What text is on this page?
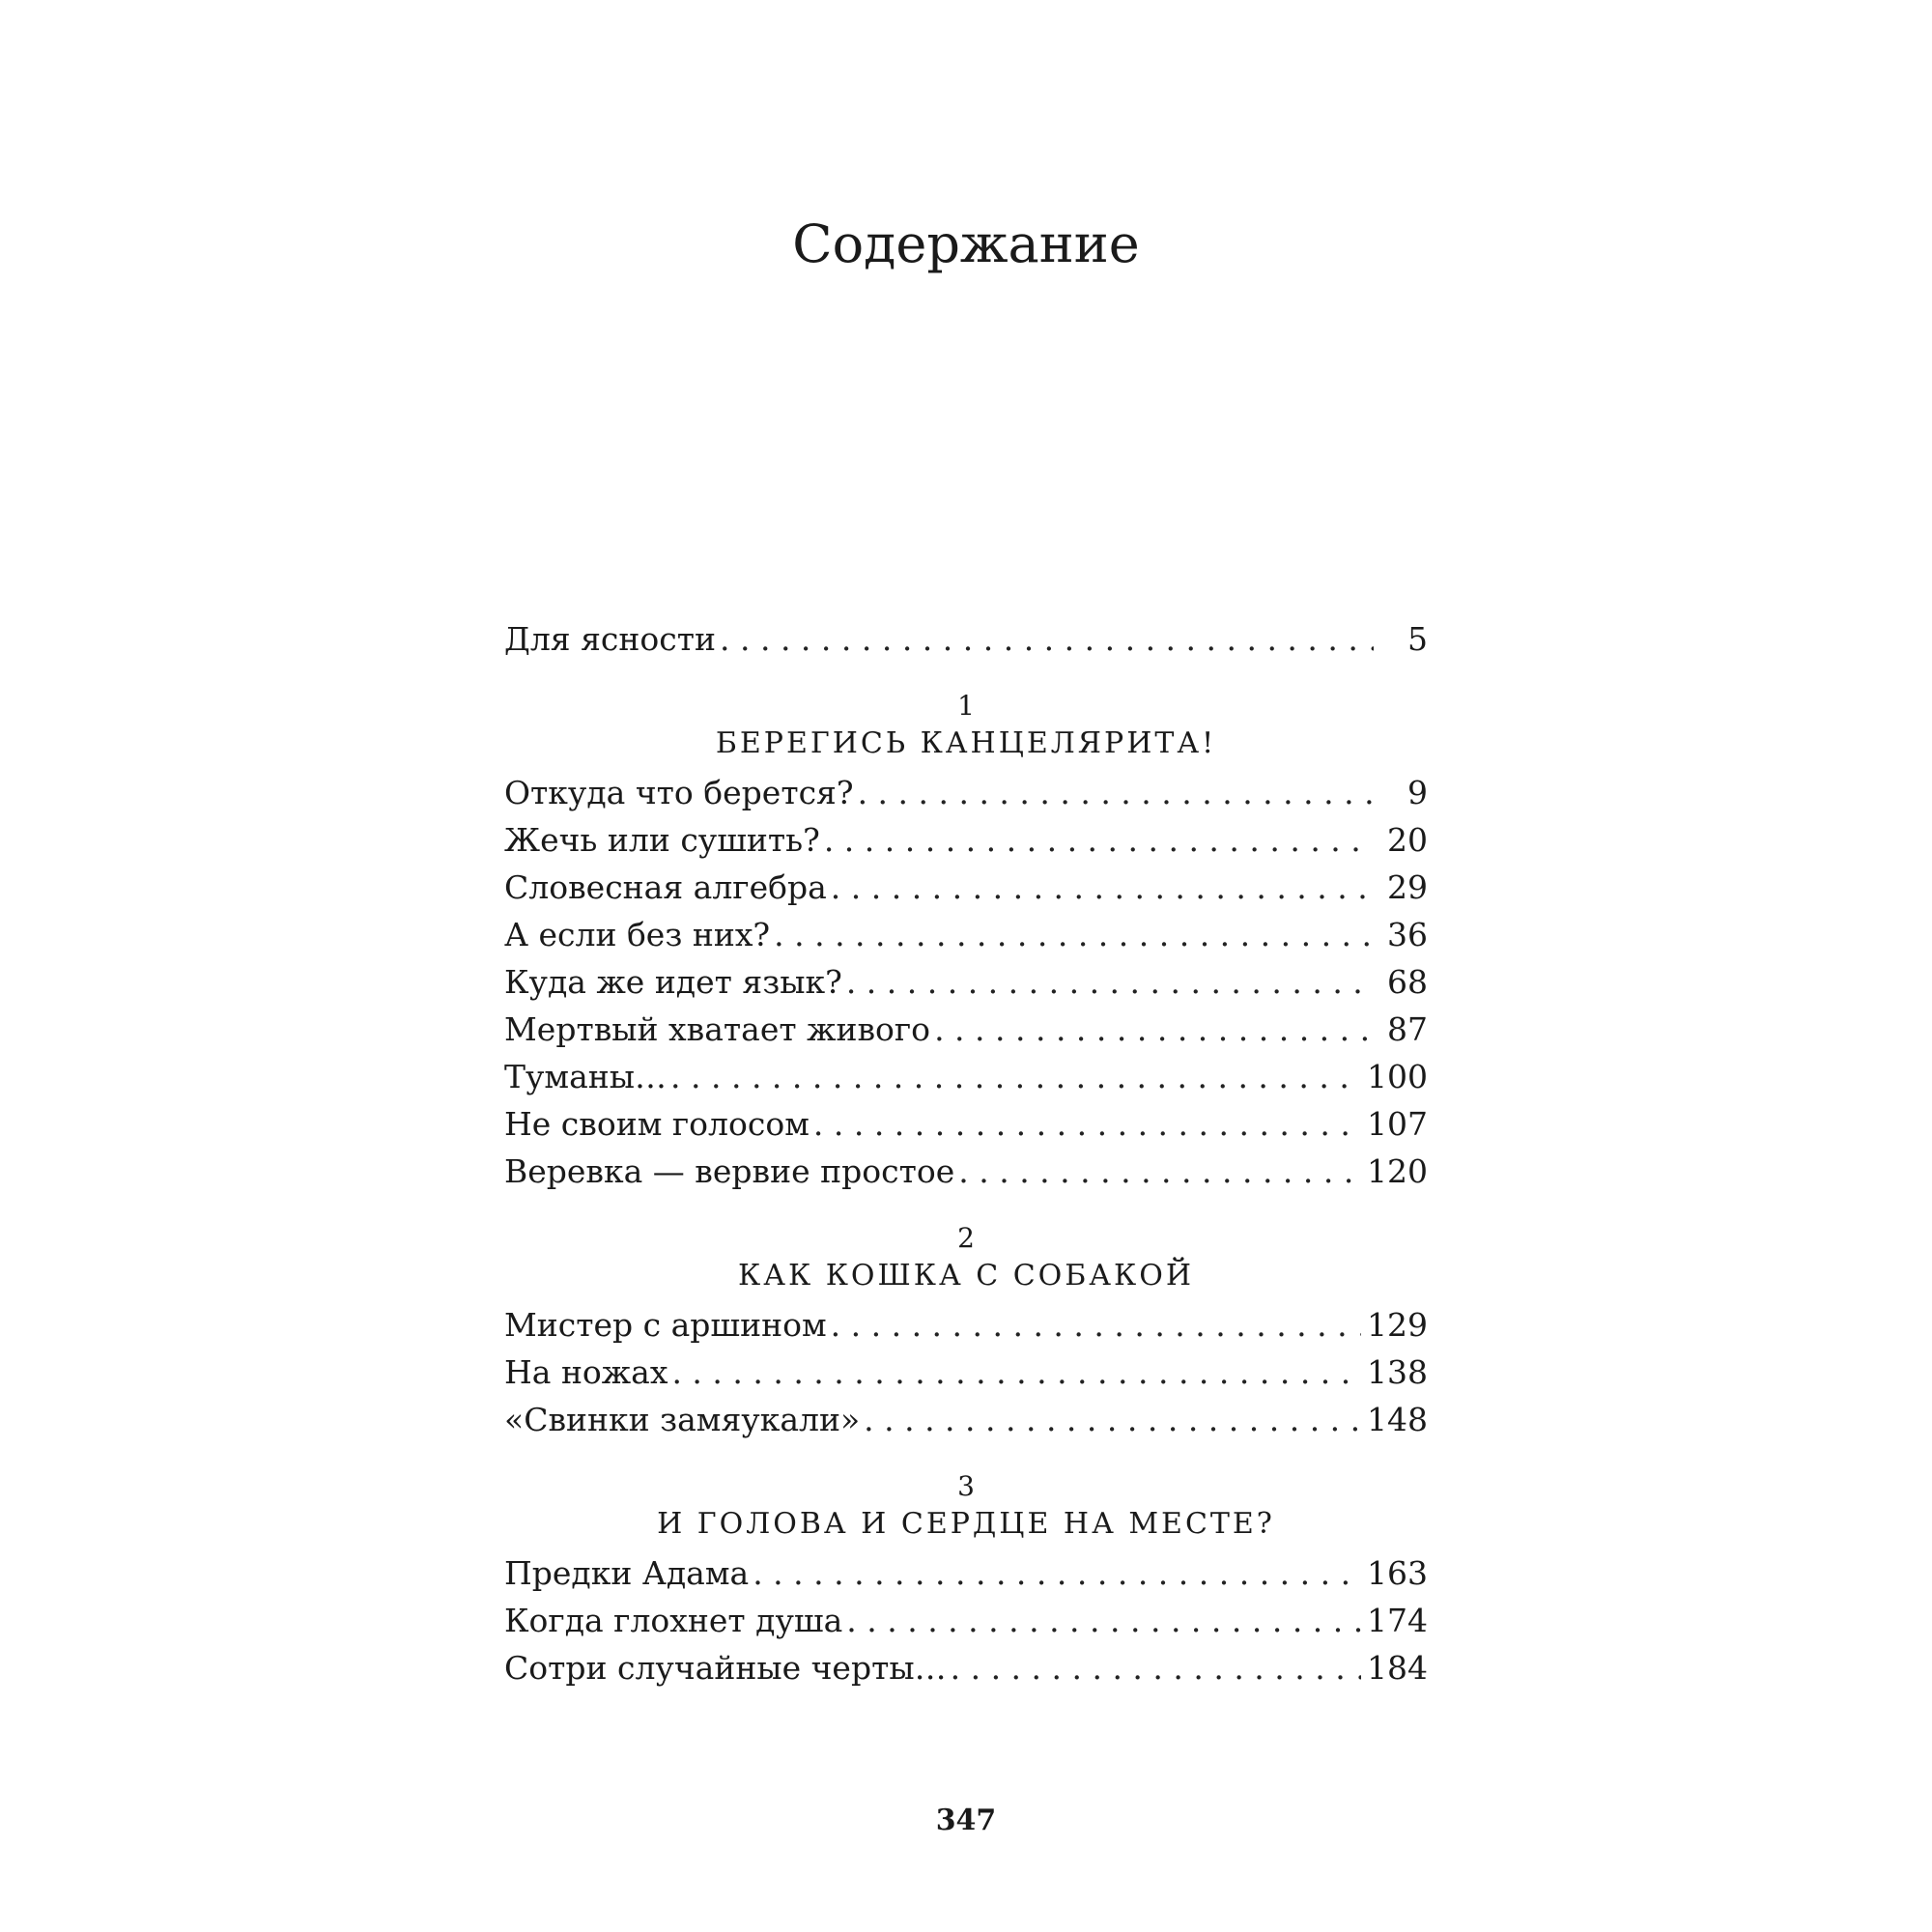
Содержание
Для ясности . . .	5
1
БЕРЕГИСЬ КАНЦЕЛЯРИТА!
Откуда что берется? . . .	9
Жечь или сушить? . . .	20
Словесная алгебра . . .	29
А если без них? . . .	36
Куда же идет язык? . . .	68
Мертвый хватает живого . . .	87
Туманы… . . .	100
Не своим голосом . . .	107
Веревка — вервие простое . . .	120
2
КАК КОШКА С СОБАКОЙ
Мистер с аршином . . .	129
На ножах . . .	138
«Свинки замяукали» . . .	148
3
И ГОЛОВА И СЕРДЦЕ НА МЕСТЕ?
Предки Адама . . .	163
Когда глохнет душа . . .	174
Сотри случайные черты… . . .	184
347
